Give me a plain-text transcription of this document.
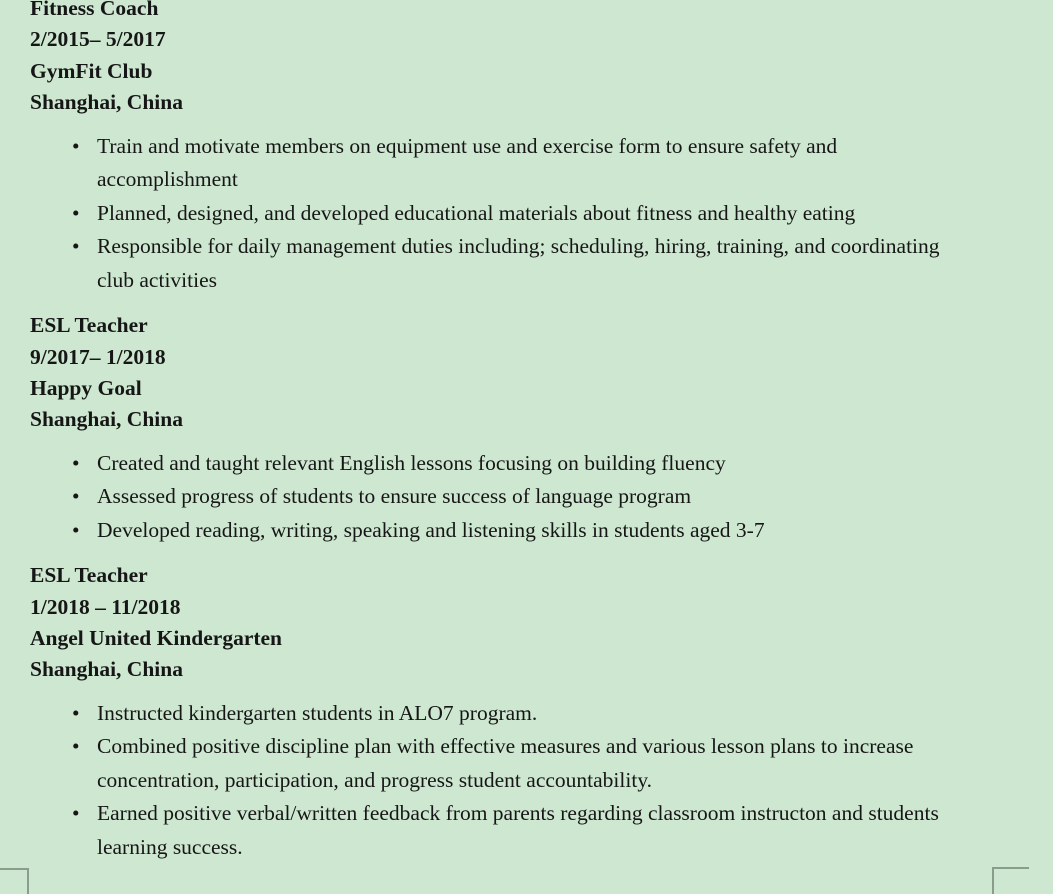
Fitness Coach
2/2015– 5/2017
GymFit Club
Shanghai, China
• Train and motivate members on equipment use and exercise form to ensure safety and accomplishment
• Planned, designed, and developed educational materials about fitness and healthy eating
• Responsible for daily management duties including; scheduling, hiring, training, and coordinating club activities
ESL Teacher
9/2017– 1/2018
Happy Goal
Shanghai, China
• Created and taught relevant English lessons focusing on building fluency
• Assessed progress of students to ensure success of language program
• Developed reading, writing, speaking and listening skills in students aged 3-7
ESL Teacher
1/2018 – 11/2018
Angel United Kindergarten
Shanghai, China
• Instructed kindergarten students in ALO7 program.
• Combined positive discipline plan with effective measures and various lesson plans to increase concentration, participation, and progress student accountability.
• Earned positive verbal/written feedback from parents regarding classroom instructon and students learning success.
